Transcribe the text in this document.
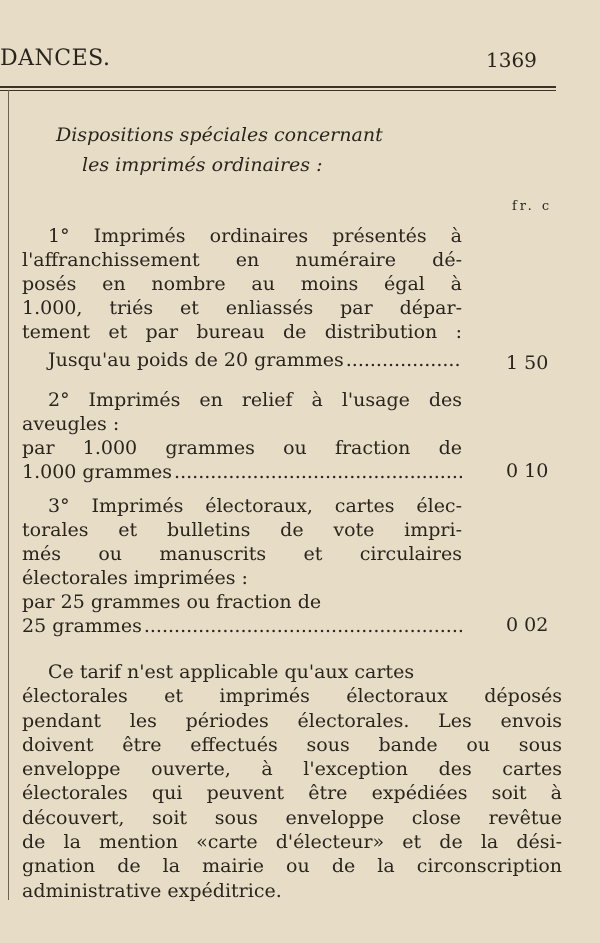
DANCES.	1369
Dispositions spéciales concernant
les imprimés ordinaires :
fr. c
1° Imprimés ordinaires présentés à
l'affranchissement en numéraire dé-
posés en nombre au moins égal à
1.000, triés et enliassés par dépar-
tement et par bureau de distribution :
Jusqu'au poids de 20 grammes .....	1 50
2° Imprimés en relief à l'usage des
aveugles :
par 1.000 grammes ou fraction de
1.000 grammes .....	0 10
3° Imprimés électoraux, cartes élec-
torales et bulletins de vote impri-
més ou manuscrits et circulaires
électorales imprimées :
par 25 grammes ou fraction de
25 grammes .....	0 02
Ce tarif n'est applicable qu'aux cartes
électorales et imprimés électoraux déposés
pendant les périodes électorales. Les envois
doivent être effectués sous bande ou sous
enveloppe ouverte, à l'exception des cartes
électorales qui peuvent être expédiées soit à
découvert, soit sous enveloppe close revêtue
de la mention «carte d'électeur» et de la dési-
gnation de la mairie ou de la circonscription
administrative expéditrice.
